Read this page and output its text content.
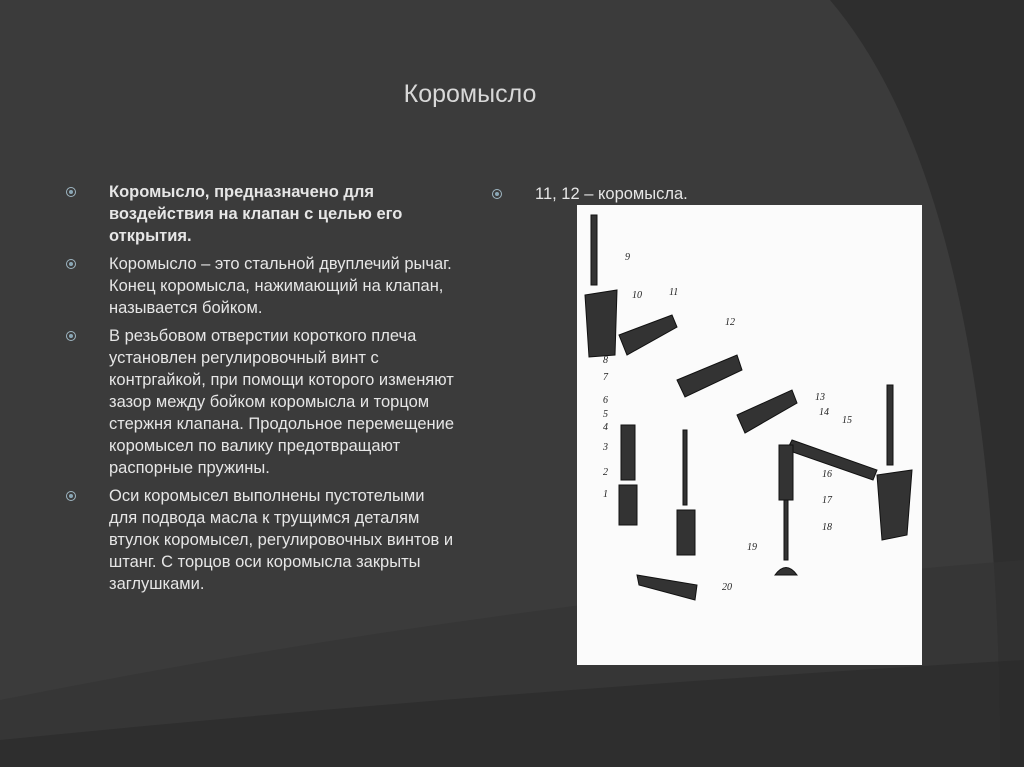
Коромысло
Коромысло, предназначено для воздействия на клапан с целью его открытия.
Коромысло – это стальной двуплечий рычаг. Конец коромысла, нажимающий на клапан, называется бойком.
В резьбовом отверстии короткого плеча установлен регулировочный винт с контргайкой, при помощи которого изменяют зазор между бойком коромысла и торцом стержня клапана. Продольное перемещение коромысел по валику предотвращают распорные пружины.
Оси коромысел выполнены пустотелыми для подвода масла к трущимся деталям втулок коромысел, регулировочных винтов и штанг. С торцов оси коромысла закрыты заглушками.
11, 12 – коромысла.
1
2
3
4
5
6
7
8
9
10	11
12
13
14
15
16
17
18
19
20
